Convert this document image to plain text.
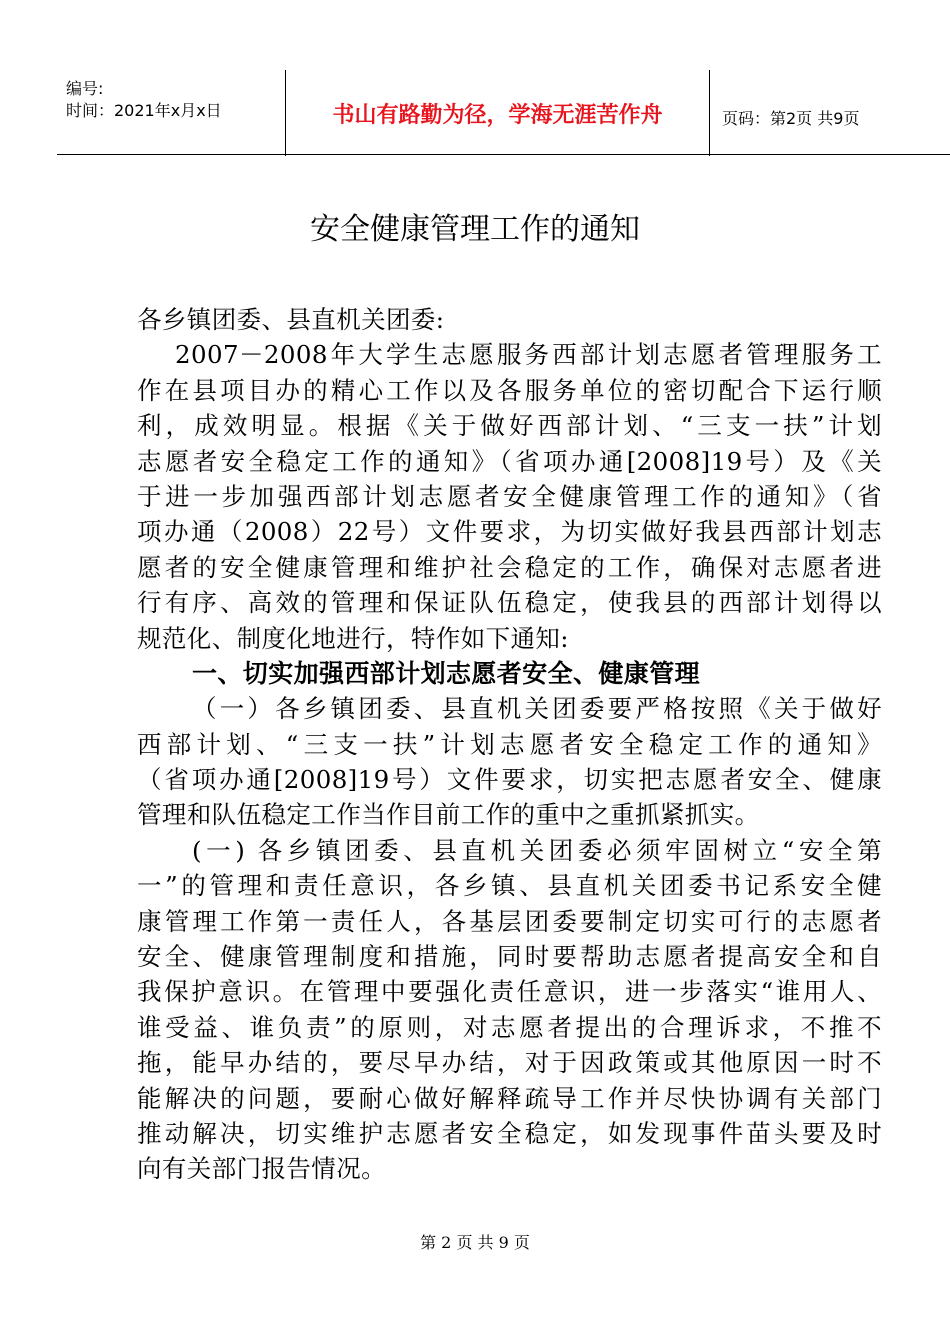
编号:
时间：2021年x月x日	书山有路勤为径，学海无涯苦作舟	页码：第2页 共9页
安全健康管理工作的通知
各乡镇团委、县直机关团委:
2007－2008年大学生志愿服务西部计划志愿者管理服务工
作在县项目办的精心工作以及各服务单位的密切配合下运行顺
利，成效明显。根据《关于做好西部计划、“三支一扶”计划
志愿者安全稳定工作的通知》（省项办通[2008]19号）及《关
于进一步加强西部计划志愿者安全健康管理工作的通知》（省
项办通（2008）22号）文件要求，为切实做好我县西部计划志
愿者的安全健康管理和维护社会稳定的工作，确保对志愿者进
行有序、高效的管理和保证队伍稳定，使我县的西部计划得以
规范化、制度化地进行，特作如下通知:
一、切实加强西部计划志愿者安全、健康管理
（一）各乡镇团委、县直机关团委要严格按照《关于做好
西部计划、“三支一扶”计划志愿者安全稳定工作的通知》
（省项办通[2008]19号）文件要求，切实把志愿者安全、健康
管理和队伍稳定工作当作目前工作的重中之重抓紧抓实。
(一) 各乡镇团委、县直机关团委必须牢固树立“安全第
一”的管理和责任意识，各乡镇、县直机关团委书记系安全健
康管理工作第一责任人，各基层团委要制定切实可行的志愿者
安全、健康管理制度和措施，同时要帮助志愿者提高安全和自
我保护意识。在管理中要强化责任意识，进一步落实“谁用人、
谁受益、谁负责”的原则，对志愿者提出的合理诉求，不推不
拖，能早办结的，要尽早办结，对于因政策或其他原因一时不
能解决的问题，要耐心做好解释疏导工作并尽快协调有关部门
推动解决，切实维护志愿者安全稳定，如发现事件苗头要及时
向有关部门报告情况。
第 2 页 共 9 页
